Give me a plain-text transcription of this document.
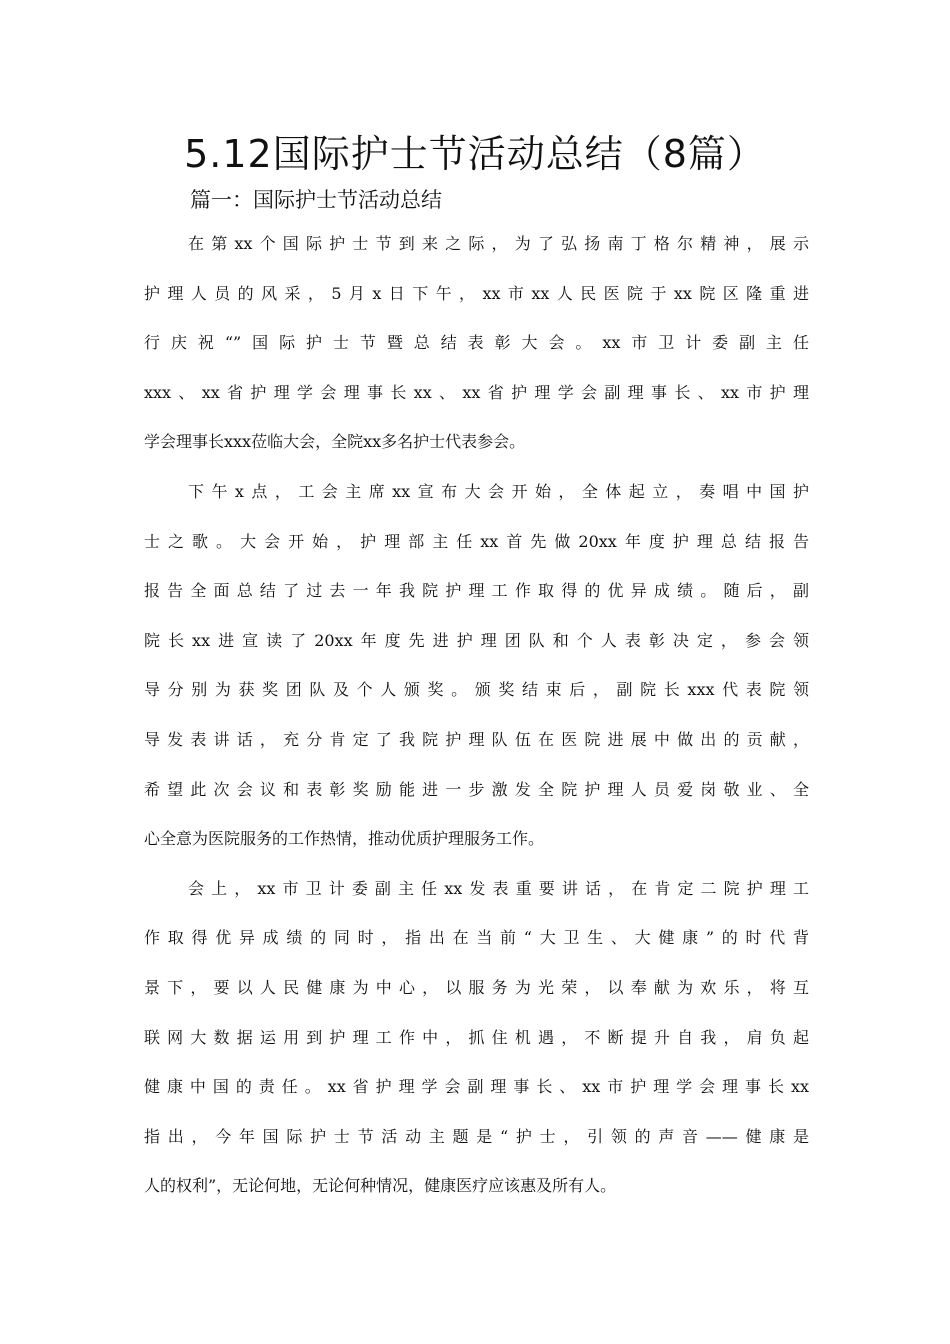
5.12国际护士节活动总结（8篇）

篇一：国际护士节活动总结

在第xx个国际护士节到来之际，为了弘扬南丁格尔精神，展示
护理人员的风采，5月x日下午，xx市xx人民医院于xx院区隆重进
行庆祝“”国际护士节暨总结表彰大会。xx市卫计委副主任
xxx、xx省护理学会理事长xx、xx省护理学会副理事长、xx市护理
学会理事长xxx莅临大会，全院xx多名护士代表参会。
下午x点，工会主席xx宣布大会开始，全体起立，奏唱中国护
士之歌。大会开始，护理部主任xx首先做20xx年度护理总结报告
报告全面总结了过去一年我院护理工作取得的优异成绩。随后，副
院长xx进宣读了20xx年度先进护理团队和个人表彰决定，参会领
导分别为获奖团队及个人颁奖。颁奖结束后，副院长xxx代表院领
导发表讲话，充分肯定了我院护理队伍在医院进展中做出的贡献，
希望此次会议和表彰奖励能进一步激发全院护理人员爱岗敬业、全
心全意为医院服务的工作热情，推动优质护理服务工作。
会上，xx市卫计委副主任xx发表重要讲话，在肯定二院护理工
作取得优异成绩的同时，指出在当前“大卫生、大健康”的时代背
景下，要以人民健康为中心，以服务为光荣，以奉献为欢乐，将互
联网大数据运用到护理工作中，抓住机遇，不断提升自我，肩负起
健康中国的责任。xx省护理学会副理事长、xx市护理学会理事长xx
指出，今年国际护士节活动主题是“护士，引领的声音——健康是
人的权利”，无论何地，无论何种情况，健康医疗应该惠及所有人。
